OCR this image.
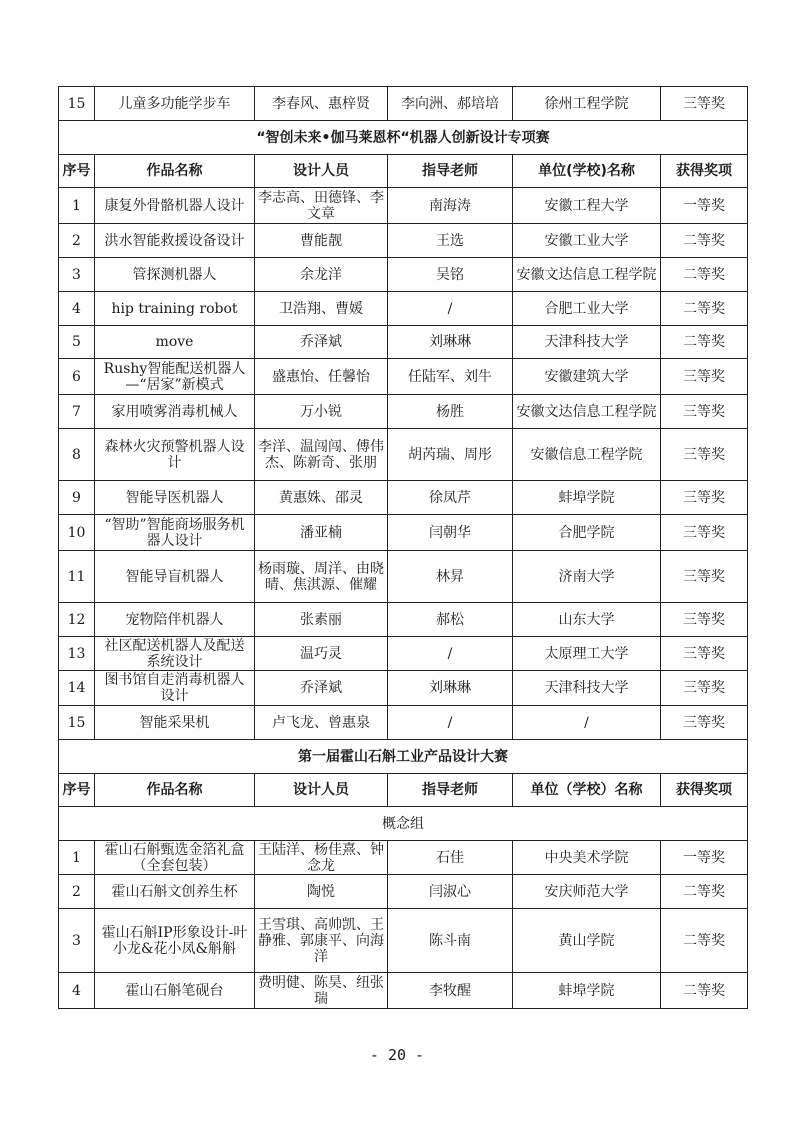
15	儿童多功能学步车	李春风、惠梓贤	李向洲、郝培培	徐州工程学院	三等奖
“智创未来•伽马莱恩杯“机器人创新设计专项赛					
序号	作品名称	设计人员	指导老师	单位(学校)名称	获得奖项
1	康复外骨骼机器人设计	李志高、田德锋、李文章	南海涛	安徽工程大学	一等奖
2	洪水智能救援设备设计	曹能靓	王选	安徽工业大学	二等奖
3	管探测机器人	余龙洋	吴铭	安徽文达信息工程学院	二等奖
4	hip training robot	卫浩翔、曹媛	/	合肥工业大学	二等奖
5	move	乔泽斌	刘琳琳	天津科技大学	二等奖
6	Rushy智能配送机器人—“居家”新模式	盛惠怡、任馨怡	任陆军、刘牛	安徽建筑大学	三等奖
7	家用喷雾消毒机械人	万小锐	杨胜	安徽文达信息工程学院	三等奖
8	森林火灾预警机器人设计	李洋、温闯闯、傅伟杰、陈新奇、张朋	胡芮瑞、周彤	安徽信息工程学院	三等奖
9	智能导医机器人	黄惠姝、邵灵	徐凤芹	蚌埠学院	三等奖
10	“智助”智能商场服务机器人设计	潘亚楠	闫朝华	合肥学院	三等奖
11	智能导盲机器人	杨雨璇、周洋、由晓晴、焦淇源、催耀	林昇	济南大学	三等奖
12	宠物陪伴机器人	张素丽	郝松	山东大学	三等奖
13	社区配送机器人及配送系统设计	温巧灵	/	太原理工大学	三等奖
14	图书馆自走消毒机器人设计	乔泽斌	刘琳琳	天津科技大学	三等奖
15	智能采果机	卢飞龙、曾惠泉	/	/	三等奖
第一届霍山石斛工业产品设计大赛					
序号	作品名称	设计人员	指导老师	单位（学校）名称	获得奖项
概念组					
1	霍山石斛甄选金箔礼盒（全套包装）	王陆洋、杨佳熹、钟念龙	石佳	中央美术学院	一等奖
2	霍山石斛文创养生杯	陶悦	闫淑心	安庆师范大学	二等奖
3	霍山石斛IP形象设计-叶小龙&花小凤&斛斛	王雪琪、高帅凯、王静雅、郭康平、向海洋	陈斗南	黄山学院	二等奖
4	霍山石斛笔砚台	费明健、陈昊、纽张瑞	李牧醒	蚌埠学院	二等奖
- 20 -
